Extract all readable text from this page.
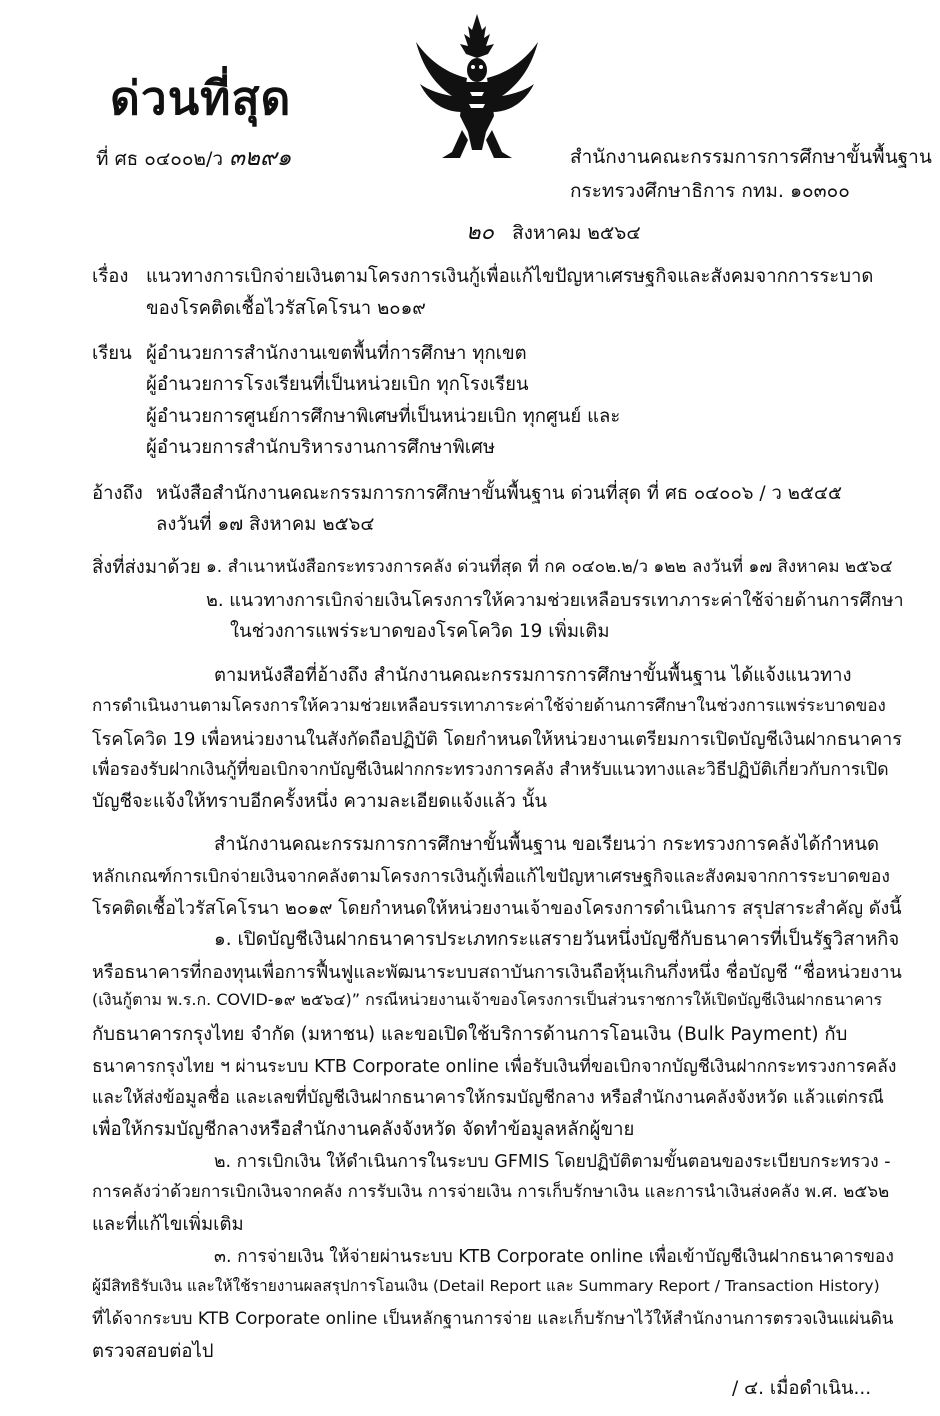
ด่วนที่สุด
ที่ ศธ ๐๔๐๐๒/ว ๓๒๙๑	สำนักงานคณะกรรมการการศึกษาขั้นพื้นฐาน
กระทรวงศึกษาธิการ กทม. ๑๐๓๐๐
๒๐ สิงหาคม ๒๕๖๔
เรื่อง แนวทางการเบิกจ่ายเงินตามโครงการเงินกู้เพื่อแก้ไขปัญหาเศรษฐกิจและสังคมจากการระบาด
ของโรคติดเชื้อไวรัสโคโรนา ๒๐๑๙
เรียน ผู้อำนวยการสำนักงานเขตพื้นที่การศึกษา ทุกเขต
ผู้อำนวยการโรงเรียนที่เป็นหน่วยเบิก ทุกโรงเรียน
ผู้อำนวยการศูนย์การศึกษาพิเศษที่เป็นหน่วยเบิก ทุกศูนย์ และ
ผู้อำนวยการสำนักบริหารงานการศึกษาพิเศษ
อ้างถึง หนังสือสำนักงานคณะกรรมการการศึกษาขั้นพื้นฐาน ด่วนที่สุด ที่ ศธ ๐๔๐๐๖ / ว ๒๕๔๕
ลงวันที่ ๑๗ สิงหาคม ๒๕๖๔
สิ่งที่ส่งมาด้วย ๑. สำเนาหนังสือกระทรวงการคลัง ด่วนที่สุด ที่ กค ๐๔๐๒.๒/ว ๑๒๒ ลงวันที่ ๑๗ สิงหาคม ๒๕๖๔
๒. แนวทางการเบิกจ่ายเงินโครงการให้ความช่วยเหลือบรรเทาภาระค่าใช้จ่ายด้านการศึกษา
ในช่วงการแพร่ระบาดของโรคโควิด 19 เพิ่มเติม
ตามหนังสือที่อ้างถึง สำนักงานคณะกรรมการการศึกษาขั้นพื้นฐาน ได้แจ้งแนวทาง
การดำเนินงานตามโครงการให้ความช่วยเหลือบรรเทาภาระค่าใช้จ่ายด้านการศึกษาในช่วงการแพร่ระบาดของ
โรคโควิด 19 เพื่อหน่วยงานในสังกัดถือปฏิบัติ โดยกำหนดให้หน่วยงานเตรียมการเปิดบัญชีเงินฝากธนาคาร
เพื่อรองรับฝากเงินกู้ที่ขอเบิกจากบัญชีเงินฝากกระทรวงการคลัง สำหรับแนวทางและวิธีปฏิบัติเกี่ยวกับการเปิด
บัญชีจะแจ้งให้ทราบอีกครั้งหนึ่ง ความละเอียดแจ้งแล้ว นั้น
สำนักงานคณะกรรมการการศึกษาขั้นพื้นฐาน ขอเรียนว่า กระทรวงการคลังได้กำหนด
หลักเกณฑ์การเบิกจ่ายเงินจากคลังตามโครงการเงินกู้เพื่อแก้ไขปัญหาเศรษฐกิจและสังคมจากการระบาดของ
โรคติดเชื้อไวรัสโคโรนา ๒๐๑๙ โดยกำหนดให้หน่วยงานเจ้าของโครงการดำเนินการ สรุปสาระสำคัญ ดังนี้
๑. เปิดบัญชีเงินฝากธนาคารประเภทกระแสรายวันหนึ่งบัญชีกับธนาคารที่เป็นรัฐวิสาหกิจ
หรือธนาคารที่กองทุนเพื่อการฟื้นฟูและพัฒนาระบบสถาบันการเงินถือหุ้นเกินกึ่งหนึ่ง ชื่อบัญชี “ชื่อหน่วยงาน
(เงินกู้ตาม พ.ร.ก. COVID-๑๙ ๒๕๖๔)” กรณีหน่วยงานเจ้าของโครงการเป็นส่วนราชการให้เปิดบัญชีเงินฝากธนาคาร
กับธนาคารกรุงไทย จำกัด (มหาชน) และขอเปิดใช้บริการด้านการโอนเงิน (Bulk Payment) กับ
ธนาคารกรุงไทย ฯ ผ่านระบบ KTB Corporate online เพื่อรับเงินที่ขอเบิกจากบัญชีเงินฝากกระทรวงการคลัง
และให้ส่งข้อมูลชื่อ และเลขที่บัญชีเงินฝากธนาคารให้กรมบัญชีกลาง หรือสำนักงานคลังจังหวัด แล้วแต่กรณี
เพื่อให้กรมบัญชีกลางหรือสำนักงานคลังจังหวัด จัดทำข้อมูลหลักผู้ขาย
๒. การเบิกเงิน ให้ดำเนินการในระบบ GFMIS โดยปฏิบัติตามขั้นตอนของระเบียบกระทรวง -
การคลังว่าด้วยการเบิกเงินจากคลัง การรับเงิน การจ่ายเงิน การเก็บรักษาเงิน และการนำเงินส่งคลัง พ.ศ. ๒๕๖๒
และที่แก้ไขเพิ่มเติม
๓. การจ่ายเงิน ให้จ่ายผ่านระบบ KTB Corporate online เพื่อเข้าบัญชีเงินฝากธนาคารของ
ผู้มีสิทธิรับเงิน และให้ใช้รายงานผลสรุปการโอนเงิน (Detail Report และ Summary Report / Transaction History)
ที่ได้จากระบบ KTB Corporate online เป็นหลักฐานการจ่าย และเก็บรักษาไว้ให้สำนักงานการตรวจเงินแผ่นดิน
ตรวจสอบต่อไป
/ ๔. เมื่อดำเนิน...
